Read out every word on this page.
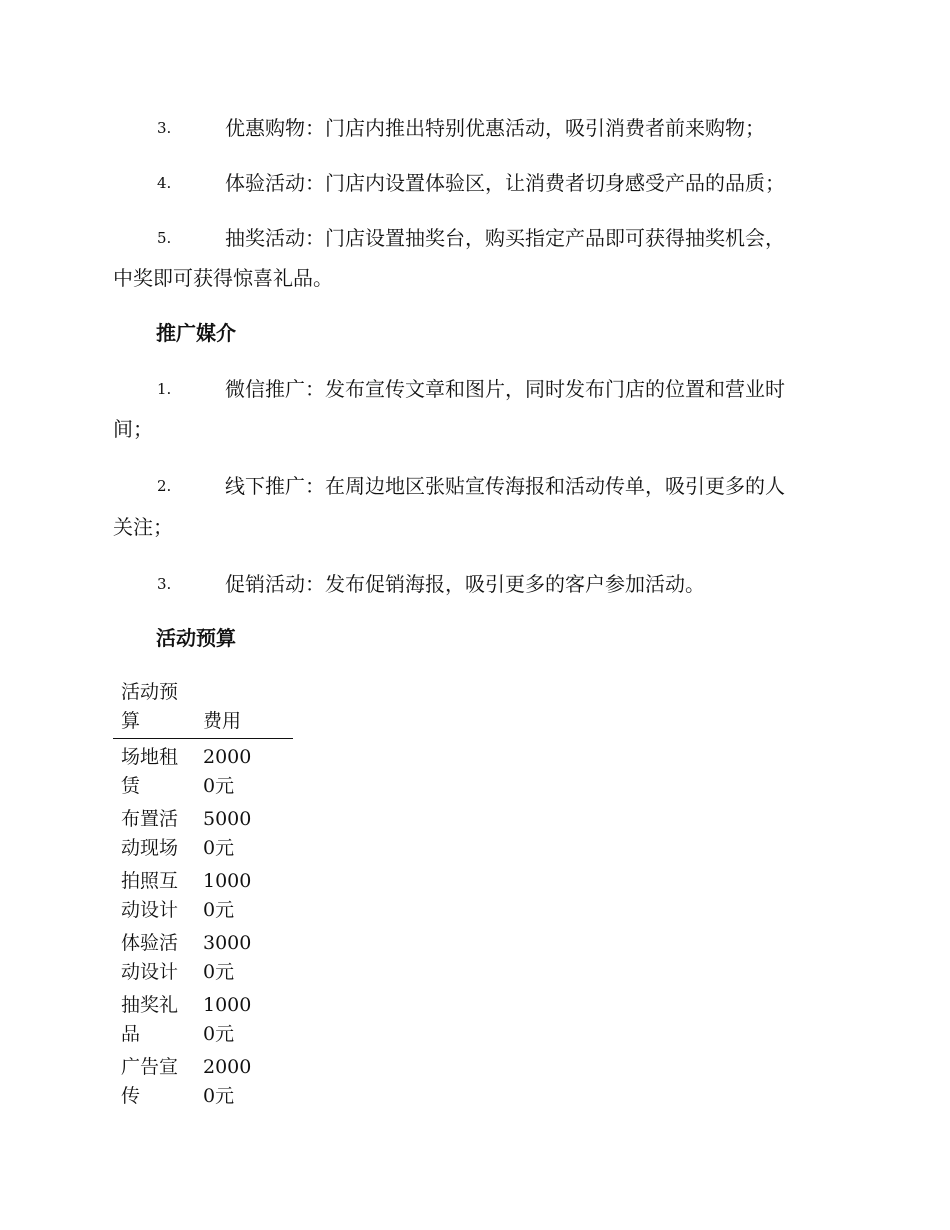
3.	优惠购物：门店内推出特别优惠活动，吸引消费者前来购物；
4.	体验活动：门店内设置体验区，让消费者切身感受产品的品质；
5.	抽奖活动：门店设置抽奖台，购买指定产品即可获得抽奖机会，
中奖即可获得惊喜礼品。
推广媒介
1.	微信推广：发布宣传文章和图片，同时发布门店的位置和营业时
间；
2.	线下推广：在周边地区张贴宣传海报和活动传单，吸引更多的人
关注；
3.	促销活动：发布促销海报，吸引更多的客户参加活动。
活动预算
活动预算	费用

场地租赁	20000元

布置活动现场	50000元

拍照互动设计	10000元

体验活动设计	30000元

抽奖礼品	10000元

广告宣传	20000元
